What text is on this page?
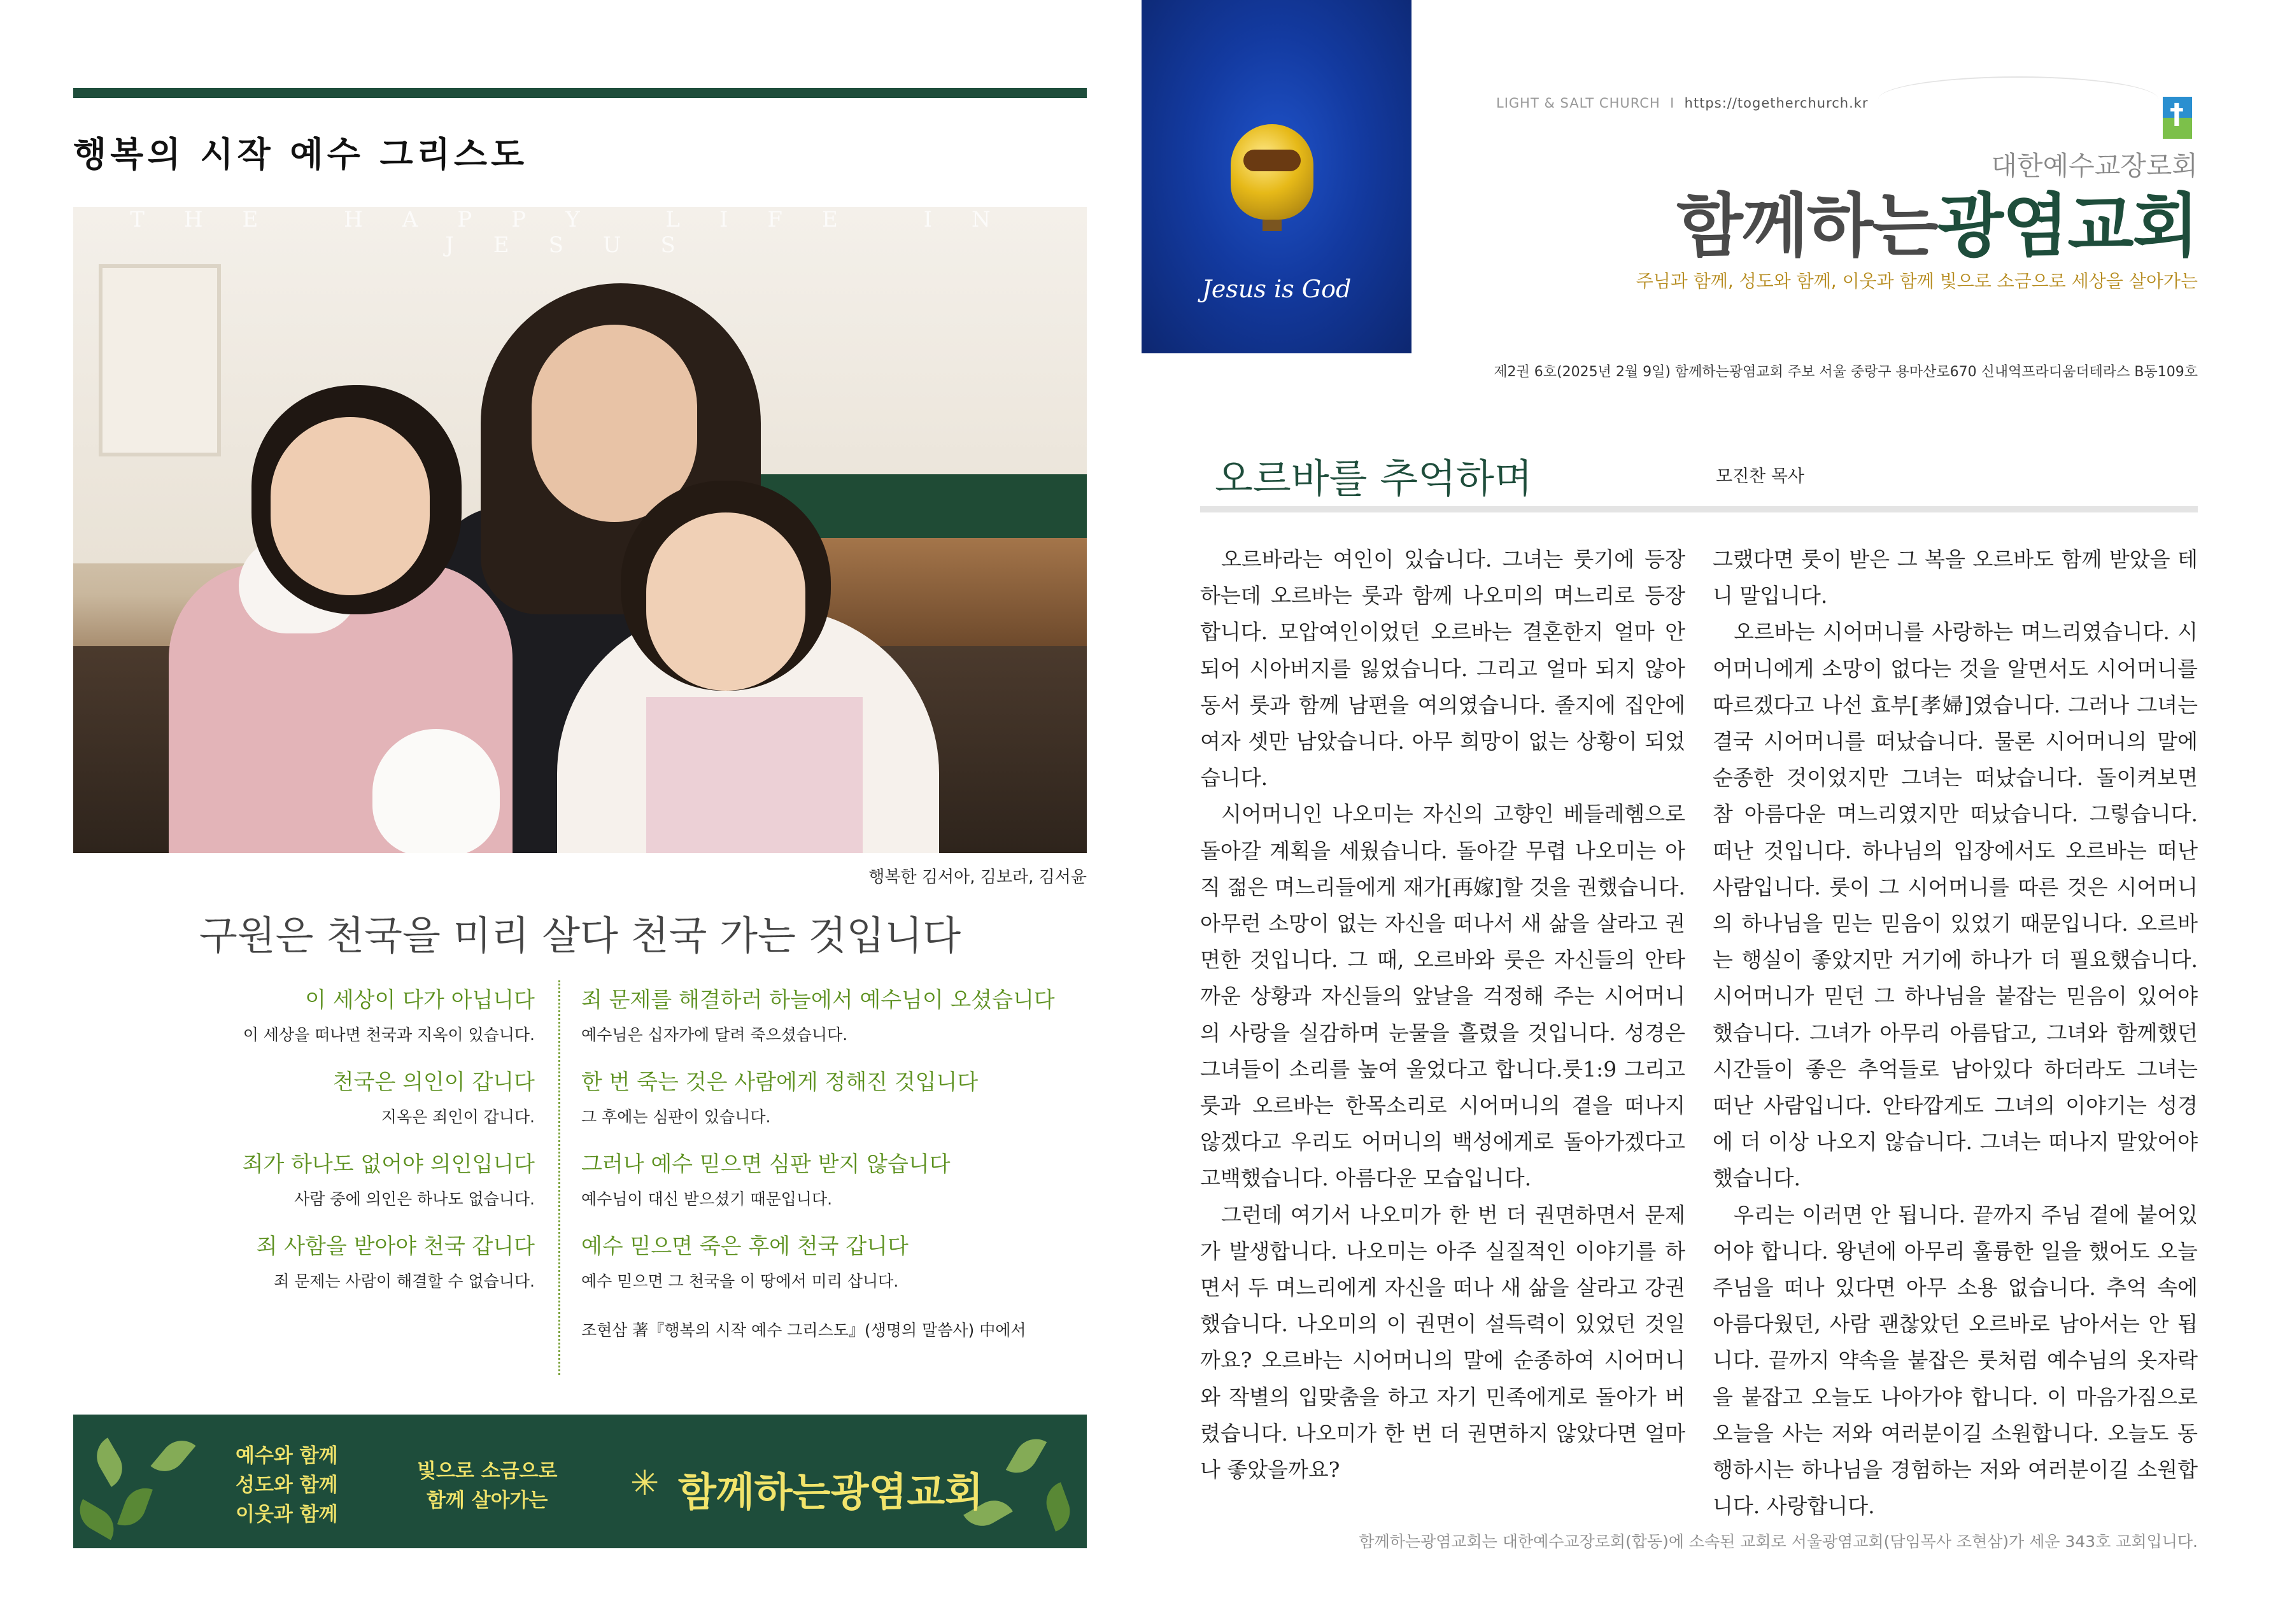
행복의 시작 예수 그리스도
THE HAPPY LIFE IN JESUS
행복한 김서아, 김보라, 김서윤
구원은 천국을 미리 살다 천국 가는 것입니다
이 세상이 다가 아닙니다
이 세상을 떠나면 천국과 지옥이 있습니다.
천국은 의인이 갑니다
지옥은 죄인이 갑니다.
죄가 하나도 없어야 의인입니다
사람 중에 의인은 하나도 없습니다.
죄 사함을 받아야 천국 갑니다
죄 문제는 사람이 해결할 수 없습니다.
죄 문제를 해결하러 하늘에서 예수님이 오셨습니다
예수님은 십자가에 달려 죽으셨습니다.
한 번 죽는 것은 사람에게 정해진 것입니다
그 후에는 심판이 있습니다.
그러나 예수 믿으면 심판 받지 않습니다
예수님이 대신 받으셨기 때문입니다.
예수 믿으면 죽은 후에 천국 갑니다
예수 믿으면 그 천국을 이 땅에서 미리 삽니다.
조현삼 著『행복의 시작 예수 그리스도』(생명의 말씀사) 中에서
예수와 함께
성도와 함께
이웃과 함께
빛으로 소금으로
함께 살아가는 ✳ 함께하는광염교회
Jesus is God
LIGHT & SALT CHURCH I https://togetherchurch.kr	†
대한예수교장로회
함께하는광염교회
주님과 함께, 성도와 함께, 이웃과 함께 빛으로 소금으로 세상을 살아가는
제2권 6호(2025년 2월 9일) 함께하는광염교회 주보 서울 중랑구 용마산로670 신내역프라디움더테라스 B동109호
오르바를 추억하며	모진찬 목사

오르바라는 여인이 있습니다. 그녀는 룻기에 등장하는데 오르바는 룻과 함께 나오미의 며느리로 등장합니다. 모압여인이었던 오르바는 결혼한지 얼마 안 되어 시아버지를 잃었습니다. 그리고 얼마 되지 않아 동서 룻과 함께 남편을 여의였습니다. 졸지에 집안에 여자 셋만 남았습니다. 아무 희망이 없는 상황이 되었습니다.

시어머니인 나오미는 자신의 고향인 베들레헴으로 돌아갈 계획을 세웠습니다. 돌아갈 무렵 나오미는 아직 젊은 며느리들에게 재가[再嫁]할 것을 권했습니다. 아무런 소망이 없는 자신을 떠나서 새 삶을 살라고 권면한 것입니다. 그 때, 오르바와 룻은 자신들의 안타까운 상황과 자신들의 앞날을 걱정해 주는 시어머니의 사랑을 실감하며 눈물을 흘렸을 것입니다. 성경은 그녀들이 소리를 높여 울었다고 합니다.룻1:9 그리고 룻과 오르바는 한목소리로 시어머니의 곁을 떠나지 않겠다고 우리도 어머니의 백성에게로 돌아가겠다고 고백했습니다. 아름다운 모습입니다.

그런데 여기서 나오미가 한 번 더 권면하면서 문제가 발생합니다. 나오미는 아주 실질적인 이야기를 하면서 두 며느리에게 자신을 떠나 새 삶을 살라고 강권했습니다. 나오미의 이 권면이 설득력이 있었던 것일까요? 오르바는 시어머니의 말에 순종하여 시어머니와 작별의 입맞춤을 하고 자기 민족에게로 돌아가 버렸습니다. 나오미가 한 번 더 권면하지 않았다면 얼마나 좋았을까요?

그랬다면 룻이 받은 그 복을 오르바도 함께 받았을 테니 말입니다.

오르바는 시어머니를 사랑하는 며느리였습니다. 시어머니에게 소망이 없다는 것을 알면서도 시어머니를 따르겠다고 나선 효부[孝婦]였습니다. 그러나 그녀는 결국 시어머니를 떠났습니다. 물론 시어머니의 말에 순종한 것이었지만 그녀는 떠났습니다. 돌이켜보면 참 아름다운 며느리였지만 떠났습니다. 그렇습니다. 떠난 것입니다. 하나님의 입장에서도 오르바는 떠난 사람입니다. 룻이 그 시어머니를 따른 것은 시어머니의 하나님을 믿는 믿음이 있었기 때문입니다. 오르바는 행실이 좋았지만 거기에 하나가 더 필요했습니다. 시어머니가 믿던 그 하나님을 붙잡는 믿음이 있어야 했습니다. 그녀가 아무리 아름답고, 그녀와 함께했던 시간들이 좋은 추억들로 남아있다 하더라도 그녀는 떠난 사람입니다. 안타깝게도 그녀의 이야기는 성경에 더 이상 나오지 않습니다. 그녀는 떠나지 말았어야 했습니다.

우리는 이러면 안 됩니다. 끝까지 주님 곁에 붙어있어야 합니다. 왕년에 아무리 훌륭한 일을 했어도 오늘 주님을 떠나 있다면 아무 소용 없습니다. 추억 속에 아름다웠던, 사람 괜찮았던 오르바로 남아서는 안 됩니다. 끝까지 약속을 붙잡은 룻처럼 예수님의 옷자락을 붙잡고 오늘도 나아가야 합니다. 이 마음가짐으로 오늘을 사는 저와 여러분이길 소원합니다. 오늘도 동행하시는 하나님을 경험하는 저와 여러분이길 소원합니다. 사랑합니다.

함께하는광염교회는 대한예수교장로회(합동)에 소속된 교회로 서울광염교회(담임목사 조현삼)가 세운 343호 교회입니다.
